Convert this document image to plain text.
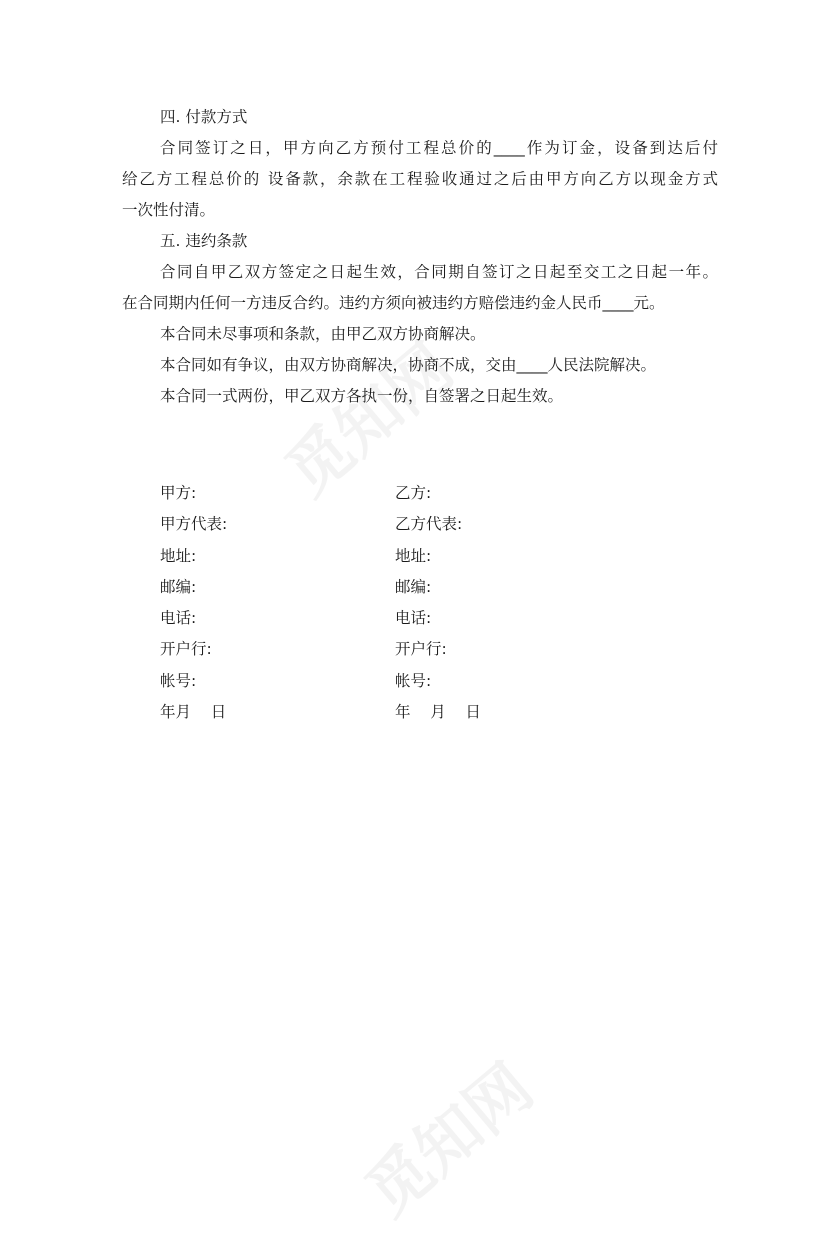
四. 付款方式

合同签订之日，甲方向乙方预付工程总价的____作为订金，设备到达后付

给乙方工程总价的 设备款，余款在工程验收通过之后由甲方向乙方以现金方式

一次性付清。

五. 违约条款

合同自甲乙双方签定之日起生效，合同期自签订之日起至交工之日起一年。

在合同期内任何一方违反合约。违约方须向被违约方赔偿违约金人民币____元。

本合同未尽事项和条款，由甲乙双方协商解决。

本合同如有争议，由双方协商解决，协商不成，交由____人民法院解决。

本合同一式两份，甲乙双方各执一份，自签署之日起生效。

甲方:	乙方:
甲方代表:	乙方代表:
地址:	地址:
邮编:	邮编:
电话:	电话:
开户行:	开户行:
帐号:	帐号:
年月    日	年    月    日
